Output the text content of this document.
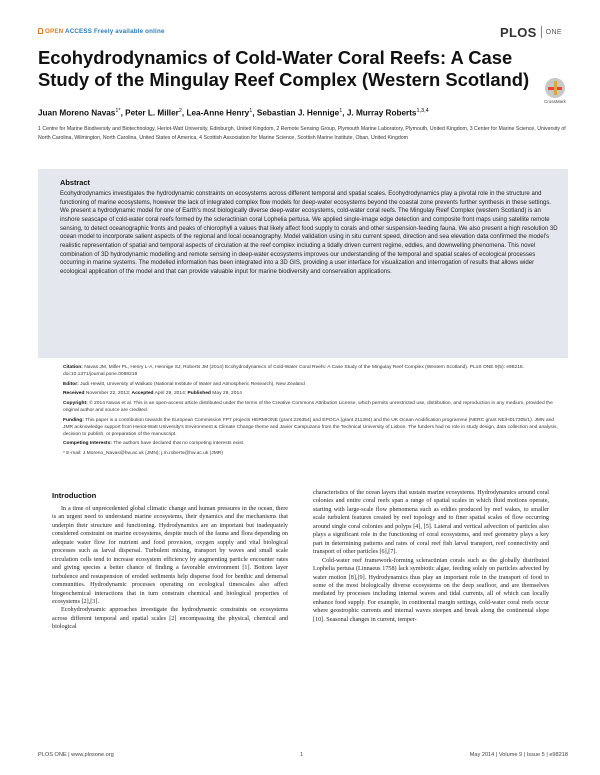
OPEN ACCESS Freely available online	PLOS ONE
Ecohydrodynamics of Cold-Water Coral Reefs: A Case Study of the Mingulay Reef Complex (Western Scotland)
CrossMark
Juan Moreno Navas$^{1*}$, Peter L. Miller$^2$, Lea-Anne Henry$^1$, Sebastian J. Hennige$^1$, J. Murray Roberts$^{1,3,4}$
1 Centre for Marine Biodiversity and Biotechnology, Heriot-Watt University, Edinburgh, United Kingdom, 2 Remote Sensing Group, Plymouth Marine Laboratory, Plymouth, United Kingdom, 3 Center for Marine Science, University of North Carolina, Wilmington, North Carolina, United States of America, 4 Scottish Association for Marine Science, Scottish Marine Institute, Oban, United Kingdom
Abstract
Ecohydrodynamics investigates the hydrodynamic constraints on ecosystems across different temporal and spatial scales. Ecohydrodynamics play a pivotal role in the structure and functioning of marine ecosystems, however the lack of integrated complex flow models for deep-water ecosystems beyond the coastal zone prevents further synthesis in these settings. We present a hydrodynamic model for one of Earth's most biologically diverse deep-water ecosystems, cold-water coral reefs. The Mingulay Reef Complex (western Scotland) is an inshore seascape of cold-water coral reefs formed by the scleractinian coral Lophelia pertusa. We applied single-image edge detection and composite front maps using satellite remote sensing, to detect oceanographic fronts and peaks of chlorophyll a values that likely affect food supply to corals and other suspension-feeding fauna. We also present a high resolution 3D ocean model to incorporate salient aspects of the regional and local oceanography. Model validation using in situ current speed, direction and sea elevation data confirmed the model's realistic representation of spatial and temporal aspects of circulation at the reef complex including a tidally driven current regime, eddies, and downwelling phenomena. This novel combination of 3D hydrodynamic modelling and remote sensing in deep-water ecosystems improves our understanding of the temporal and spatial scales of ecological processes occurring in marine systems. The modelled information has been integrated into a 3D GIS, providing a user interface for visualization and interrogation of results that allows wider ecological application of the model and that can provide valuable input for marine biodiversity and conservation applications.

Citation: Navas JM, Miller PL, Henry L-A, Hennige SJ, Roberts JM (2014) Ecohydrodynamics of Cold-Water Coral Reefs: A Case Study of the Mingulay Reef Complex (Western Scotland). PLoS ONE 9(5): e98218. doi:10.1371/journal.pone.0098218

Editor: Judi Hewitt, University of Waikato (National Institute of Water and Atmospheric Research), New Zealand

Received November 22, 2013; Accepted April 29, 2014; Published May 29, 2014

Copyright: © 2014 Navas et al. This is an open-access article distributed under the terms of the Creative Commons Attribution License, which permits unrestricted use, distribution, and reproduction in any medium, provided the original author and source are credited.

Funding: This paper is a contribution towards the European Commission FP7 projects HERMIONE (grant 226354) and EPOCA (grant 211384) and the UK Ocean Acidification programme (NERC grant NE/H017305/1). JMN and JMR acknowledge support from Heriot-Watt University's Environment & Climate Change theme and Javier Campuzano from the Technical University of Lisbon. The funders had no role in study design, data collection and analysis, decision to publish, or preparation of the manuscript.

Competing Interests: The authors have declared that no competing interests exist.

* E-mail: J.Moreno_Navas@hw.ac.uk (JMN); j.m.roberts@hw.ac.uk (JMR)

Introduction

In a time of unprecedented global climatic change and human pressures in the ocean, there is an urgent need to understand marine ecosystems, their dynamics and the mechanisms that underpin their structure and functioning. Hydrodynamics are an important but inadequately considered constraint on marine ecosystems, despite much of the fauna and flora depending on adequate water flow for nutrient and food provision, oxygen supply and vital biological processes such as larval dispersal. Turbulent mixing, transport by waves and small scale circulation cells tend to increase ecosystem efficiency by augmenting particle encounter rates and giving species a better chance of finding a favorable environment [1]. Bottom layer turbulence and resuspension of eroded sediments help disperse food for benthic and demersal communities. Hydrodynamic processes operating on ecological timescales also affect biogeochemical interactions that in turn constrain chemical and biological properties of ecosystems [2],[3].

Ecohydrodynamic approaches investigate the hydrodynamic constraints on ecosystems across different temporal and spatial scales [2] encompassing the physical, chemical and biological

characteristics of the ocean layers that sustain marine ecosystems. Hydrodynamics around coral colonies and entire coral reefs span a range of spatial scales in which fluid motions operate, starting with large-scale flow phenomena such as eddies produced by reef wakes, to smaller scale turbulent features created by reef topology and to finer spatial scales of flow occurring around single coral colonies and polyps [4], [5]. Lateral and vertical advection of particles also plays a significant role in the functioning of coral ecosystems, and reef geometry plays a key part in determining patterns and rates of coral reef fish larval transport, reef connectivity and transport of other particles [6],[7].

Cold-water reef framework-forming scleractinian corals such as the globally distributed Lophelia pertusa (Linnaeus 1758) lack symbiotic algae, feeding solely on particles advected by water motion [8],[9]. Hydrodynamics thus play an important role in the transport of food to some of the most biologically diverse ecosystems on the deep seafloor, and are themselves mediated by processes including internal waves and tidal currents, all of which can locally enhance food supply. For example, in continental margin settings, cold-water coral reefs occur where geostrophic currents and internal waves steepen and break along the continental slope [10]. Seasonal changes in current, temper-

PLOS ONE | www.plosone.org	1	May 2014 | Volume 9 | Issue 5 | e98218
